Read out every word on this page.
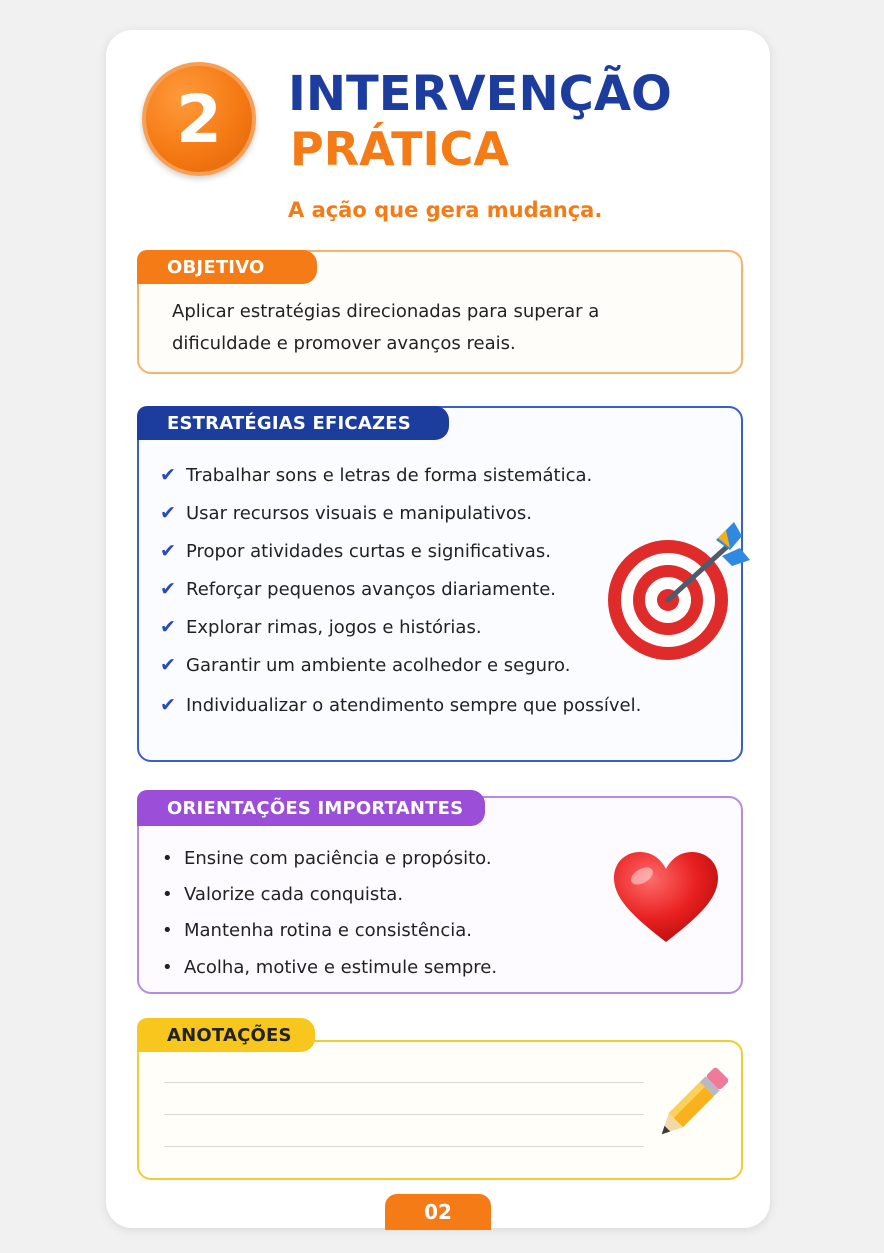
2	INTERVENÇÃO
PRÁTICA
A ação que gera mudança.
OBJETIVO
Aplicar estratégias direcionadas para superar a
dificuldade e promover avanços reais.
ESTRATÉGIAS EFICAZES
✔ Trabalhar sons e letras de forma sistemática.
✔ Usar recursos visuais e manipulativos.
✔ Propor atividades curtas e significativas.
✔ Reforçar pequenos avanços diariamente.
✔ Explorar rimas, jogos e histórias.
✔ Garantir um ambiente acolhedor e seguro.
✔ Individualizar o atendimento sempre que possível.
ORIENTAÇÕES IMPORTANTES
• Ensine com paciência e propósito.
• Valorize cada conquista.
• Mantenha rotina e consistência.
• Acolha, motive e estimule sempre.
ANOTAÇÕES
02
